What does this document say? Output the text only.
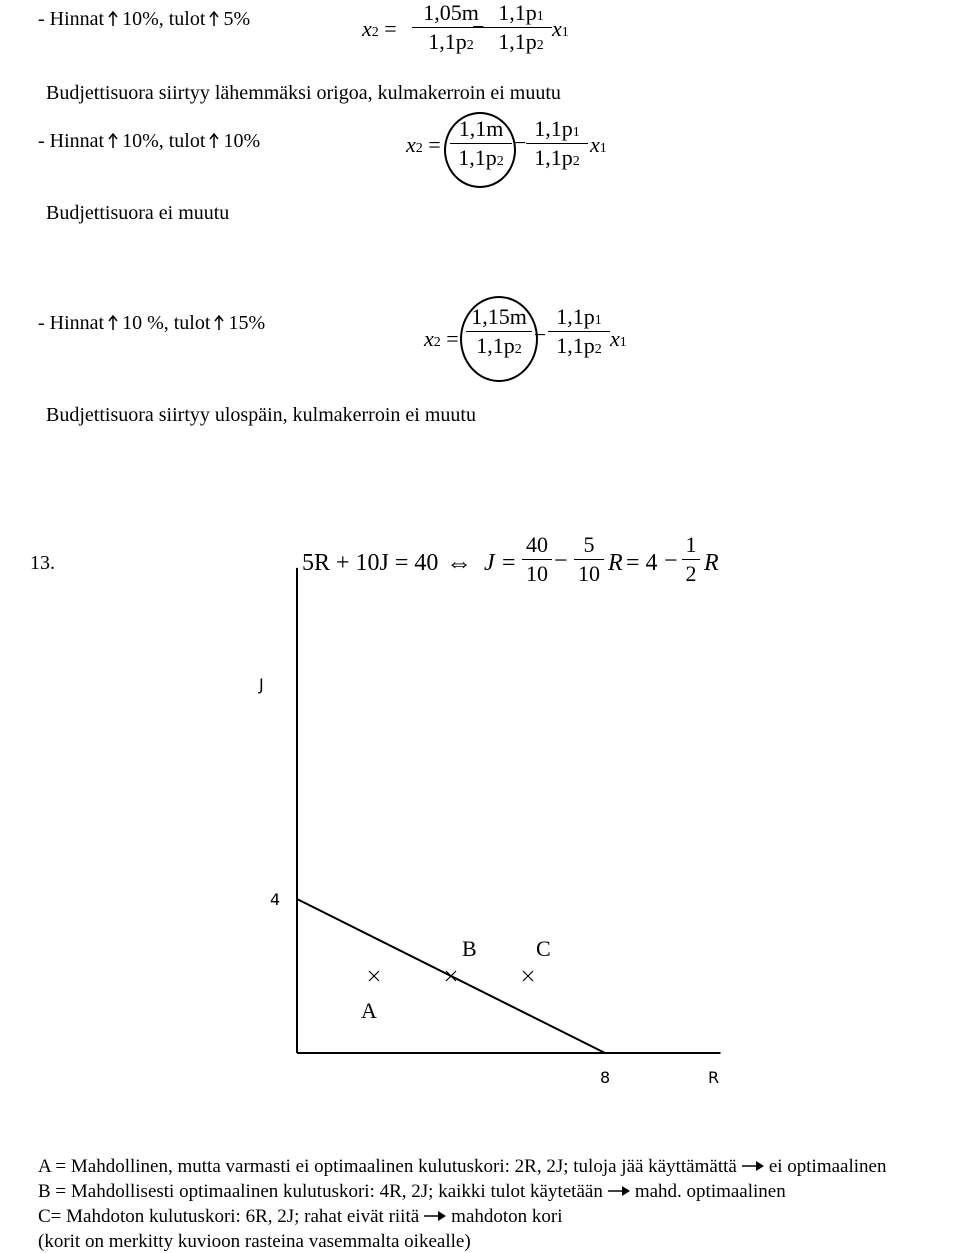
- Hinnat 10%, tulot 5%	x2 =
1,05m
1,1p2
−
1,1p1
1,1p2
x1
Budjettisuora siirtyy lähemmäksi origoa, kulmakerroin ei muutu
- Hinnat 10%, tulot 10%	x2 =
1,1m
1,1p2
−
1,1p1
1,1p2
x1
Budjettisuora ei muutu
- Hinnat 10 %, tulot 15%
x2 =
1,15m
1,1p2
−
1,1p1
1,1p2 x1
Budjettisuora siirtyy ulospäin, kulmakerroin ei muutu
13.	5R + 10J = 40 ⇔ J =
40
10 −
5
10 R = 4 −
1
2 R
J
R
8
4
A
B	C
A = Mahdollinen, mutta varmasti ei optimaalinen kulutuskori: 2R, 2J; tuloja jää käyttämättä ei optimaalinen
B = Mahdollisesti optimaalinen kulutuskori: 4R, 2J; kaikki tulot käytetään mahd. optimaalinen
C= Mahdoton kulutuskori: 6R, 2J; rahat eivät riitä mahdoton kori
(korit on merkitty kuvioon rasteina vasemmalta oikealle)
